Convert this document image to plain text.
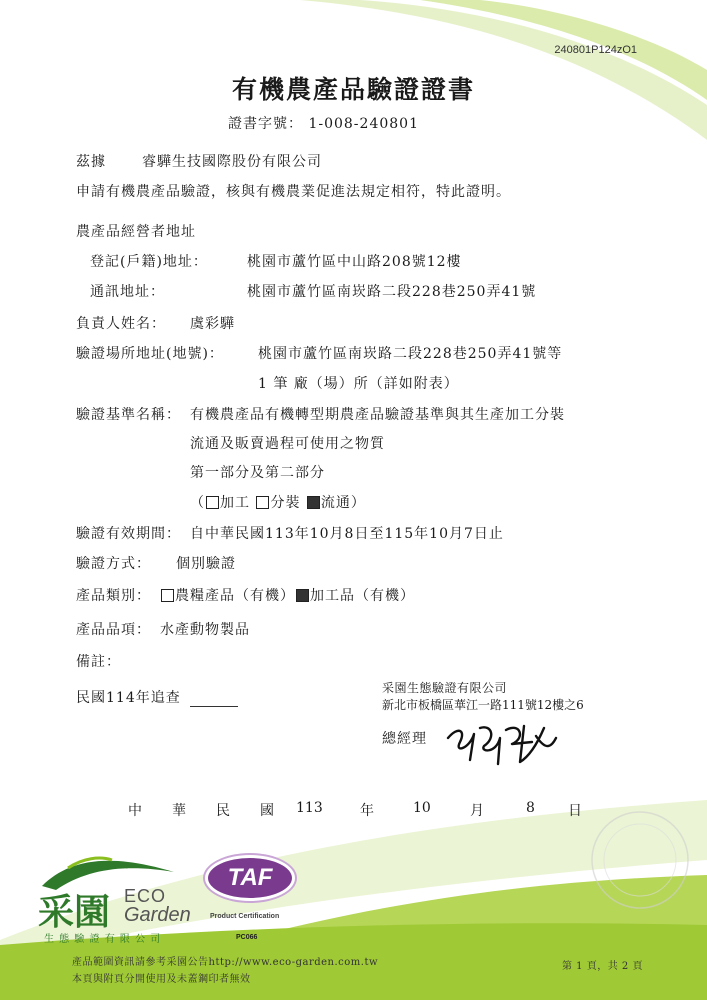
240801P124zO1
有機農產品驗證證書
證書字號： 1-008-240801
茲據	睿驊生技國際股份有限公司
申請有機農產品驗證，核與有機農業促進法規定相符，特此證明。
農產品經營者地址
登記(戶籍)地址：	桃園市蘆竹區中山路208號12樓
通訊地址：	桃園市蘆竹區南崁路二段228巷250弄41號
負責人姓名： 虞彩驊
驗證場所地址(地號)： 桃園市蘆竹區南崁路二段228巷250弄41號等
1 筆 廠（場）所（詳如附表）
驗證基準名稱： 有機農產品有機轉型期農產品驗證基準與其生產加工分裝
流通及販賣過程可使用之物質
第一部分及第二部分
（ 加工 分裝 流通）
驗證有效期間： 自中華民國113年10月8日至115年10月7日止
驗證方式： 個別驗證
產品類別：	農糧產品（有機） 加工品（有機）
產品品項： 水產動物製品
備註：
民國114年追查
采園生態驗證有限公司
新北市板橋區華江一路111號12樓之6
總經理
中 華 民 國 113	年	10	月	8 日
采園 ECO
Garden
生 態 驗 證 有 限 公 司
TAF
Product Certification
PC066
產品範圍資訊請參考采園公告http://www.eco-garden.com.tw
本頁與附頁分開使用及未蓋鋼印者無效
第 1 頁，共 2 頁
